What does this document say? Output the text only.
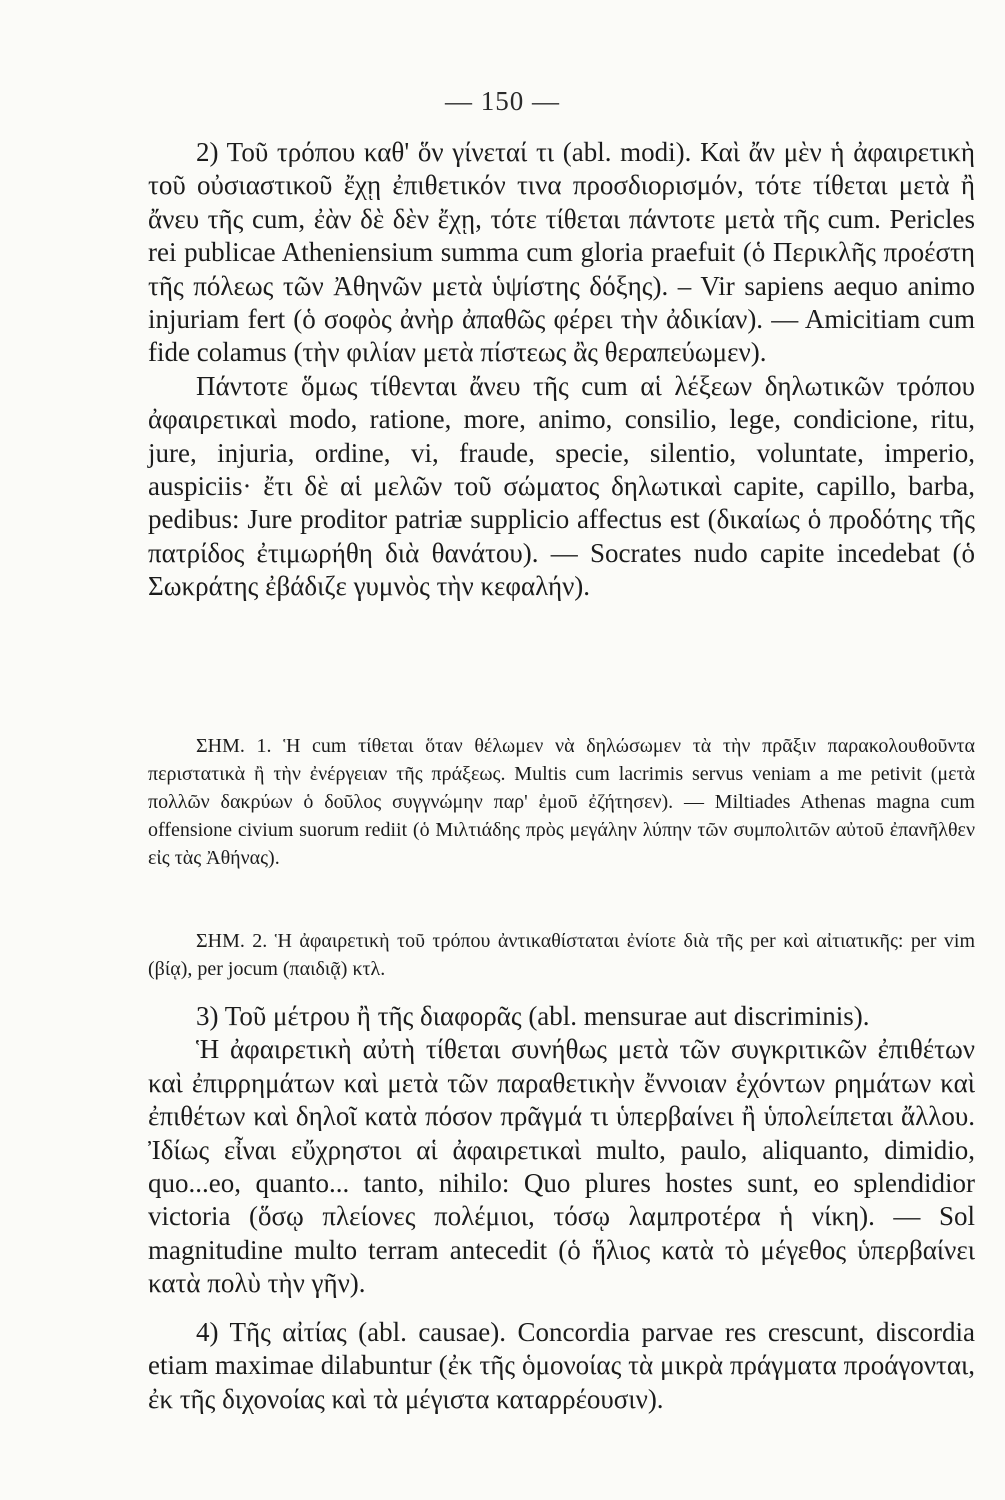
— 150 —

2) Τοῦ τρόπου καθ' ὅν γίνεταί τι (abl. modi). Καὶ ἄν μὲν ἡ ἀφαιρετικὴ τοῦ οὐσιαστικοῦ ἔχῃ ἐπιθετικόν τινα προσδιορισμόν, τότε τίθεται μετὰ ἢ ἄνευ τῆς cum, ἐὰν δὲ δὲν ἔχῃ, τότε τίθεται πάντοτε μετὰ τῆς cum. Pericles rei publicae Atheniensium summa cum gloria praefuit (ὁ Περικλῆς προέστη τῆς πόλεως τῶν Ἀθηνῶν μετὰ ὑψίστης δόξης). – Vir sapiens aequo animo injuriam fert (ὁ σοφὸς ἀνὴρ ἀπαθῶς φέρει τὴν ἀδικίαν). — Amicitiam cum fide colamus (τὴν φιλίαν μετὰ πίστεως ἂς θεραπεύωμεν).

Πάντοτε ὅμως τίθενται ἄνευ τῆς cum αἱ λέξεων δηλωτικῶν τρόπου ἀφαιρετικαὶ modo, ratione, more, animo, consilio, lege, condicione, ritu, jure, injuria, ordine, vi, fraude, specie, silentio, voluntate, imperio, auspiciis· ἔτι δὲ αἱ μελῶν τοῦ σώματος δηλωτικαὶ capite, capillo, barba, pedibus: Jure proditor patriæ supplicio affectus est (δικαίως ὁ προδότης τῆς πατρίδος ἐτιμωρήθη διὰ θανάτου). — Socrates nudo capite incedebat (ὁ Σωκράτης ἐβάδιζε γυμνὸς τὴν κεφαλήν).

ΣΗΜ. 1. Ἡ cum τίθεται ὅταν θέλωμεν νὰ δηλώσωμεν τὰ τὴν πρᾶξιν παρακολουθοῦντα περιστατικὰ ἢ τὴν ἐνέργειαν τῆς πράξεως. Multis cum lacrimis servus veniam a me petivit (μετὰ πολλῶν δακρύων ὁ δοῦλος συγγνώμην παρ' ἐμοῦ ἐζήτησεν). — Miltiades Athenas magna cum offensione civium suorum rediit (ὁ Μιλτιάδης πρὸς μεγάλην λύπην τῶν συμπολιτῶν αὐτοῦ ἐπανῆλθεν εἰς τὰς Ἀθήνας).

ΣΗΜ. 2. Ἡ ἀφαιρετικὴ τοῦ τρόπου ἀντικαθίσταται ἐνίοτε διὰ τῆς per καὶ αἰτιατικῆς: per vim (βίᾳ), per jocum (παιδιᾷ) κτλ.

3) Τοῦ μέτρου ἢ τῆς διαφορᾶς (abl. mensurae aut discriminis).

Ἡ ἀφαιρετικὴ αὐτὴ τίθεται συνήθως μετὰ τῶν συγκριτικῶν ἐπιθέτων καὶ ἐπιρρημάτων καὶ μετὰ τῶν παραθετικὴν ἔννοιαν ἐχόντων ρημάτων καὶ ἐπιθέτων καὶ δηλοῖ κατὰ πόσον πρᾶγμά τι ὑπερβαίνει ἢ ὑπολείπεται ἄλλου. Ἰδίως εἶναι εὔχρηστοι αἱ ἀφαιρετικαὶ multo, paulo, aliquanto, dimidio, quo...eo, quanto... tanto, nihilo: Quo plures hostes sunt, eo splendidior victoria (ὅσῳ πλείονες πολέμιοι, τόσῳ λαμπροτέρα ἡ νίκη). — Sol magnitudine multo terram antecedit (ὁ ἥλιος κατὰ τὸ μέγεθος ὑπερβαίνει κατὰ πολὺ τὴν γῆν).

4) Τῆς αἰτίας (abl. causae). Concordia parvae res crescunt, discordia etiam maximae dilabuntur (ἐκ τῆς ὁμονοίας τὰ μικρὰ πράγματα προάγονται, ἐκ τῆς διχονοίας καὶ τὰ μέγιστα καταρρέουσιν).
